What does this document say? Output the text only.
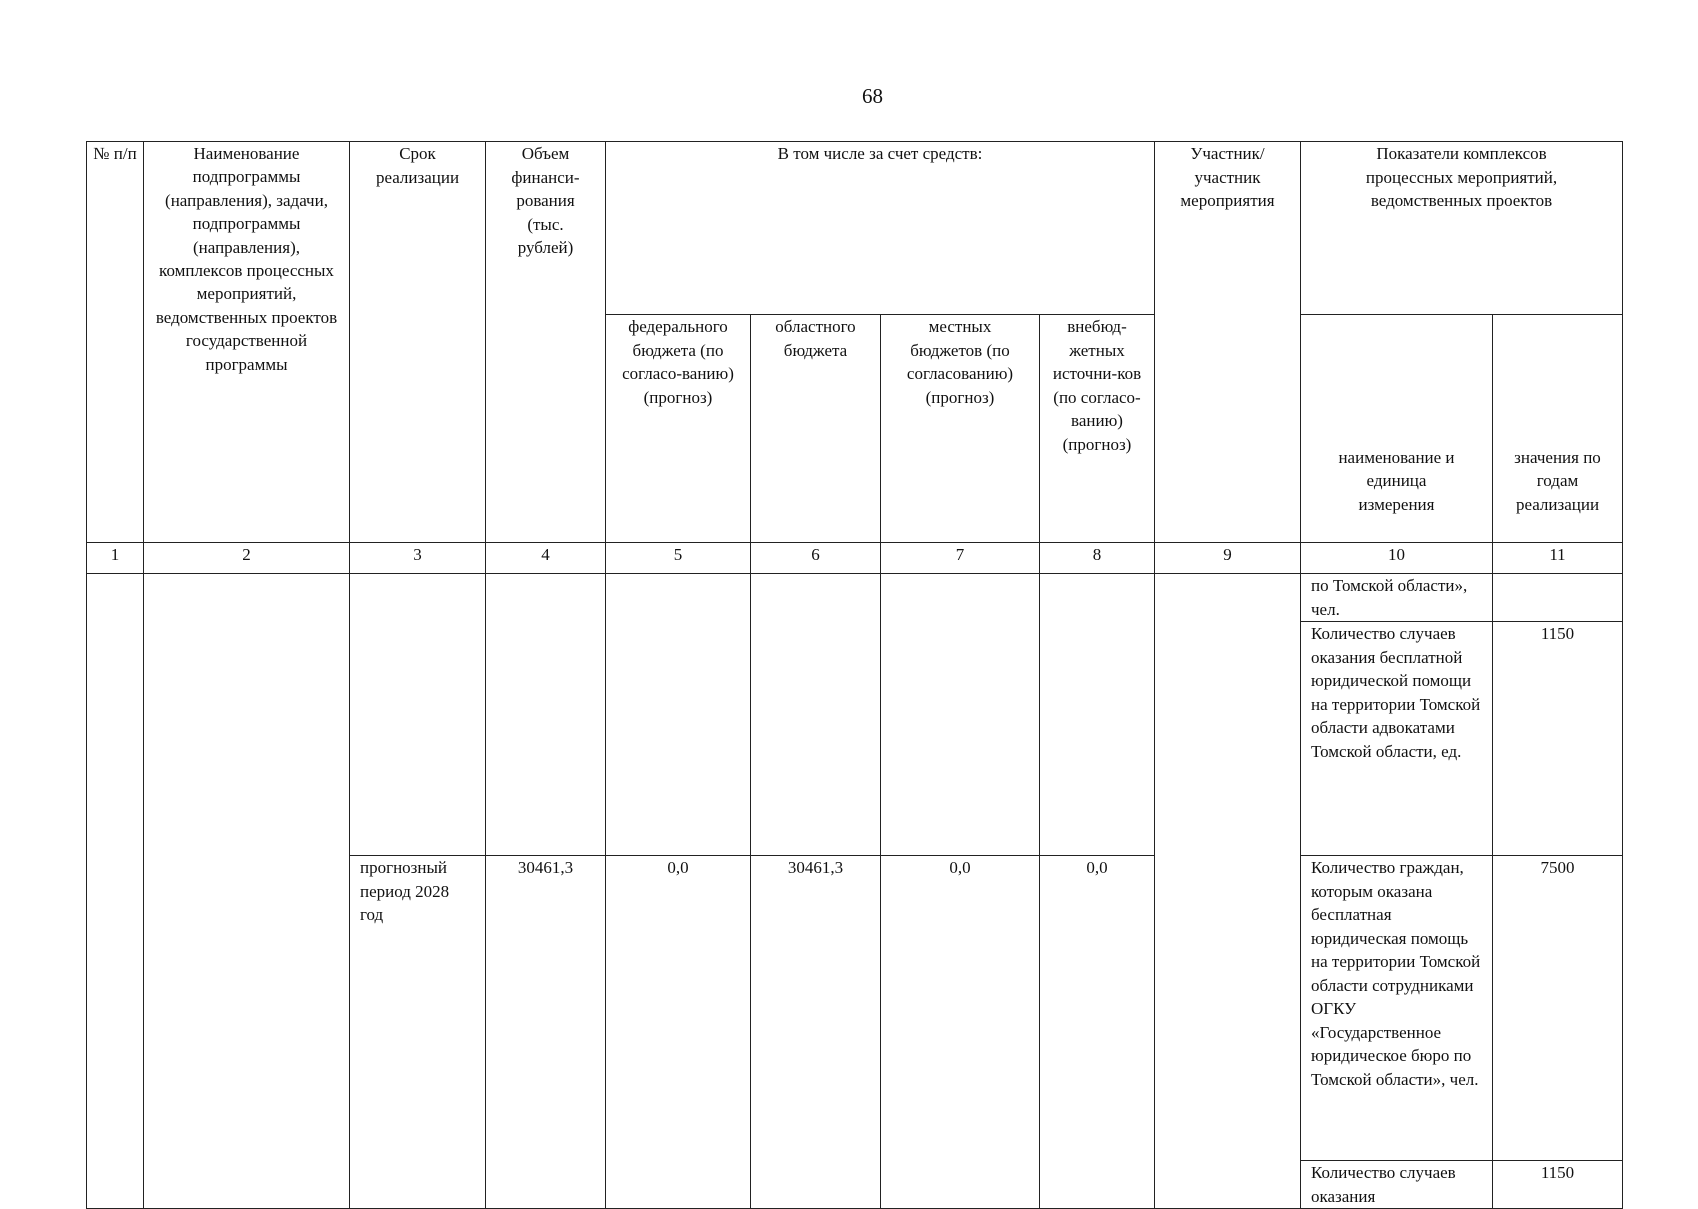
68
№ п/п	Наименование подпрограммы (направления), задачи, подпрограммы (направления), комплексов процессных мероприятий, ведомственных проектов государственной программы	Срок реализации	Объем финанси-рования (тыс. рублей)	В том числе за счет средств:				Участник/ участник мероприятия	Показатели комплексов процессных мероприятий, ведомственных проектов	
				федерального бюджета (по согласо-ванию) (прогноз)	областного бюджета	местных бюджетов (по согласованию) (прогноз)	внебюд-жетных источни-ков (по согласо-ванию) (прогноз)		наименование и единица измерения	значения по годам реализации
1	2	3	4	5	6	7	8	9	10	11
									по Томской области», чел.	
									Количество случаев оказания бесплатной юридической помощи на территории Томской области адвокатами Томской области, ед.	1150
		прогнозный период 2028 год	30461,3	0,0	30461,3	0,0	0,0		Количество граждан, которым оказана бесплатная юридическая помощь на территории Томской области сотрудниками ОГКУ «Государственное юридическое бюро по Томской области», чел.	7500
									Количество случаев оказания	1150
